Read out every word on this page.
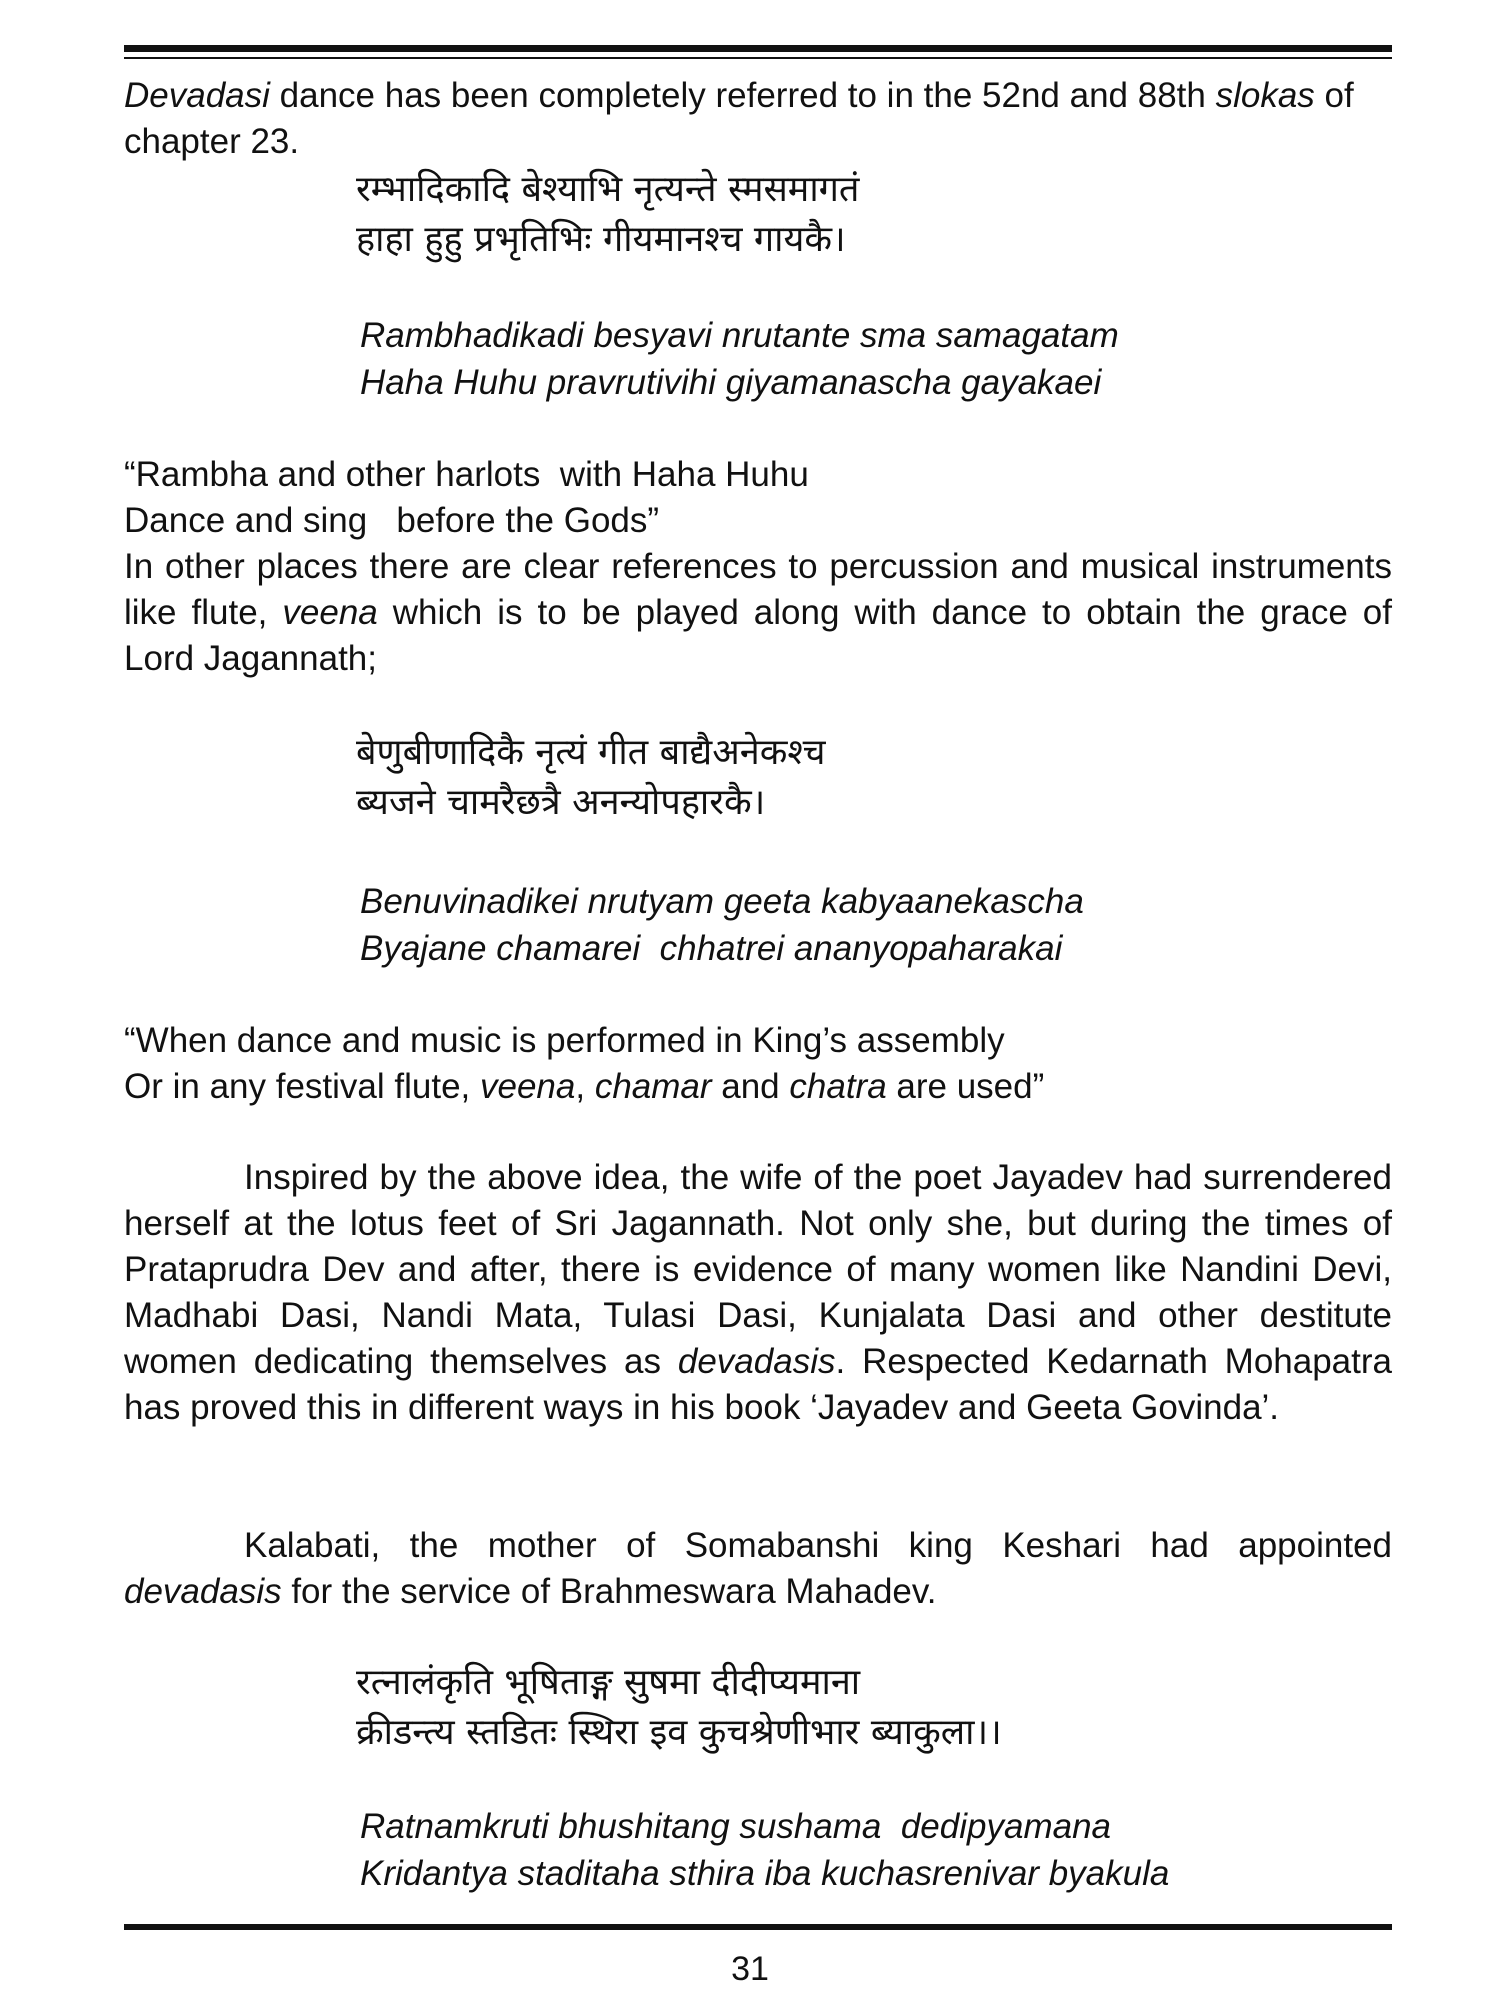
Devadasi dance has been completely referred to in the 52nd and 88th slokas of chapter 23.

रम्भादिकादि बेश्याभि नृत्यन्ते स्मसमागतं
हाहा हुहु प्रभृतिभिः गीयमानश्च गायकै।
Rambhadikadi besyavi nrutante sma samagatam
Haha Huhu pravrutivihi giyamanascha gayakaei
“Rambha and other harlots  with Haha Huhu
Dance and sing   before the Gods”

In other places there are clear references to percussion and musical instruments like flute, veena which is to be played along with dance to obtain the grace of Lord Jagannath;

बेणुबीणादिकै नृत्यं गीत बाद्यैअनेकश्च
ब्यजने चामरैछत्रै अनन्योपहारकै।
Benuvinadikei nrutyam geeta kabyaanekascha
Byajane chamarei  chhatrei ananyopaharakai
“When dance and music is performed in King’s assembly
Or in any festival flute, veena, chamar and chatra are used”

Inspired by the above idea, the wife of the poet Jayadev had surrendered herself at the lotus feet of Sri Jagannath. Not only she, but during the times of Prataprudra Dev and after, there is evidence of many women like Nandini Devi, Madhabi Dasi, Nandi Mata, Tulasi Dasi, Kunjalata Dasi and other destitute women dedicating themselves as devadasis. Respected Kedarnath Mohapatra has proved this in different ways in his book ‘Jayadev and Geeta Govinda’.

Kalabati, the mother of Somabanshi king Keshari had appointed devadasis for the service of Brahmeswara Mahadev.

रत्नालंकृति भूषिताङ्ग सुषमा दीदीप्यमाना
क्रीडन्त्य स्तडितः स्थिरा इव कुचश्रेणीभार ब्याकुला।।
Ratnamkruti bhushitang sushama  dedipyamana
Kridantya staditaha sthira iba kuchasrenivar byakula
31
